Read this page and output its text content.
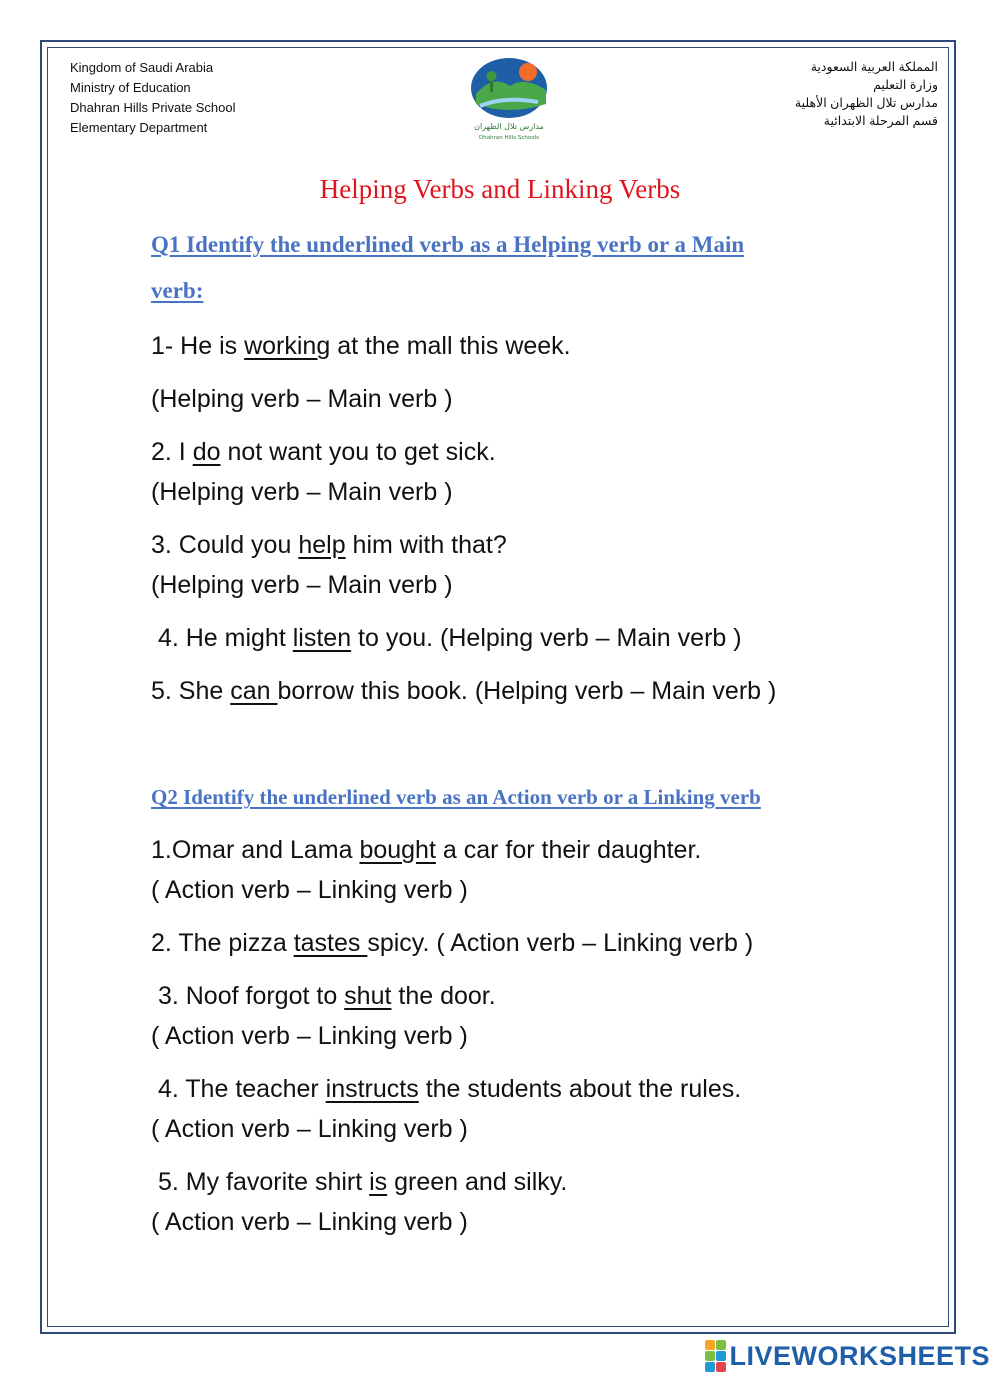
Kingdom of Saudi Arabia
Ministry of Education
Dhahran Hills Private School
Elementary Department	مدارس تلال الظهران
Dhahran Hills Schools
المملكة العربية السعودية
وزارة التعليم
مدارس تلال الظهران الأهلية
قسم المرحلة الابتدائية
Helping Verbs and Linking Verbs
Q1 Identify the underlined verb as a Helping verb or a Main
verb:
1- He is working at the mall this week.
(Helping verb – Main verb )
2. I do not want you to get sick.
(Helping verb – Main verb )
3. Could you help him with that?
(Helping verb – Main verb )
4. He might listen to you. (Helping verb – Main verb )
5. She can borrow this book. (Helping verb – Main verb )
Q2 Identify the underlined verb as an Action verb or a Linking verb
1.Omar and Lama bought a car for their daughter.
( Action verb – Linking verb )
2. The pizza tastes spicy. ( Action verb – Linking verb )
3. Noof forgot to shut the door.
( Action verb – Linking verb )
4. The teacher instructs the students about the rules.
( Action verb – Linking verb )
5. My favorite shirt is green and silky.
( Action verb – Linking verb )
LIVEWORKSHEETS
